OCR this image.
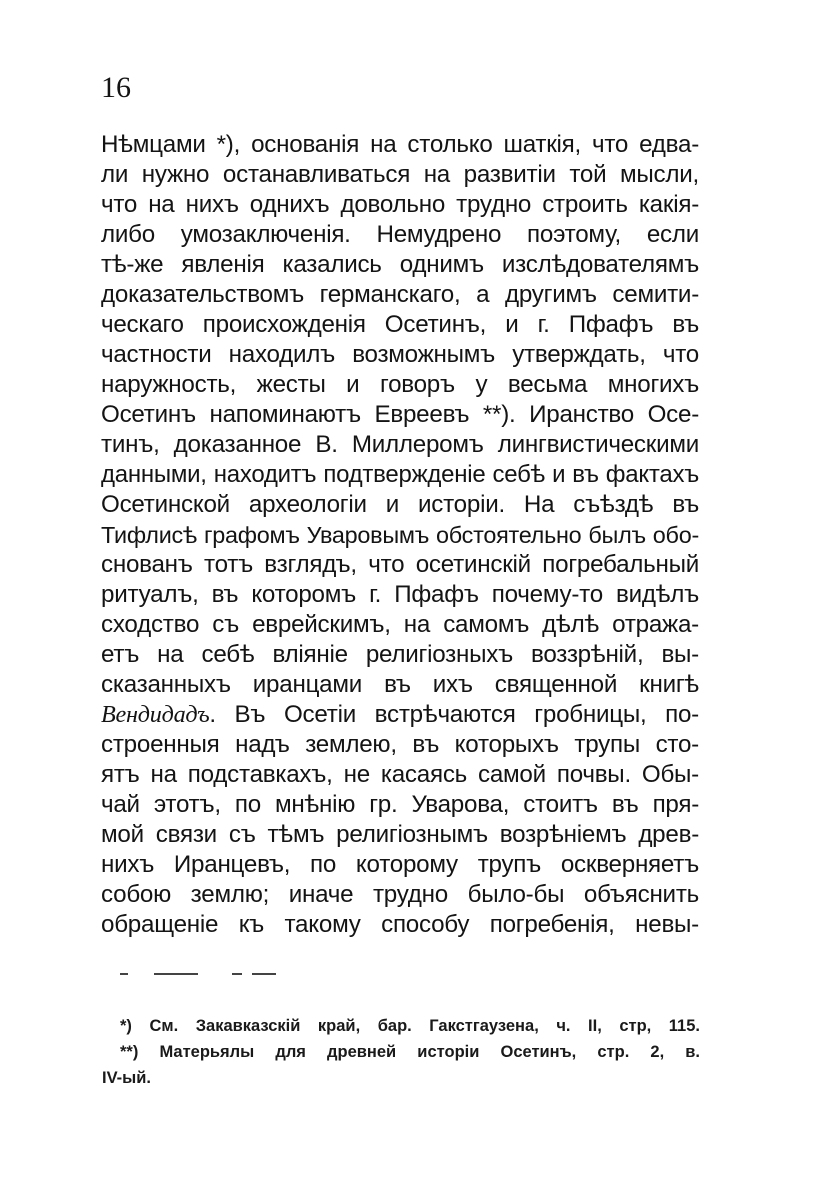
16
Нѣмцами *), основанія на столько шаткія, что едва-
ли нужно останавливаться на развитіи той мысли,
что на нихъ однихъ довольно трудно строить какія-
либо умозаключенія. Немудрено поэтому, если
тѣ-же явленія казались однимъ изслѣдователямъ
доказательствомъ германскаго, а другимъ семити-
ческаго происхожденія Осетинъ, и г. Пфафъ въ
частности находилъ возможнымъ утверждать, что
наружность, жесты и говоръ у весьма многихъ
Осетинъ напоминаютъ Евреевъ **). Иранство Осе-
тинъ, доказанное В. Миллеромъ лингвистическими
данными, находитъ подтвержденіе себѣ и въ фактахъ
Осетинской археологіи и исторіи. На съѣздѣ въ
Тифлисѣ графомъ Уваровымъ обстоятельно былъ обо-
снованъ тотъ взглядъ, что осетинскій погребальный
ритуалъ, въ которомъ г. Пфафъ почему-то видѣлъ
сходство съ еврейскимъ, на самомъ дѣлѣ отража-
етъ на себѣ вліяніе религіозныхъ воззрѣній, вы-
сказанныхъ иранцами въ ихъ священной книгѣ
Вендидадъ. Въ Осетіи встрѣчаются гробницы, по-
строенныя надъ землею, въ которыхъ трупы сто-
ятъ на подставкахъ, не касаясь самой почвы. Обы-
чай этотъ, по мнѣнію гр. Уварова, стоитъ въ пря-
мой связи съ тѣмъ религіознымъ возрѣніемъ древ-
нихъ Иранцевъ, по которому трупъ оскверняетъ
собою землю; иначе трудно было-бы объяснить
обращеніе къ такому способу погребенія, невы-
*) См. Закавказскій край, бар. Гакстгаузена, ч. II, стр, 115.
**) Матерьялы для древней исторіи Осетинъ, стр. 2, в.
IV-ый.
